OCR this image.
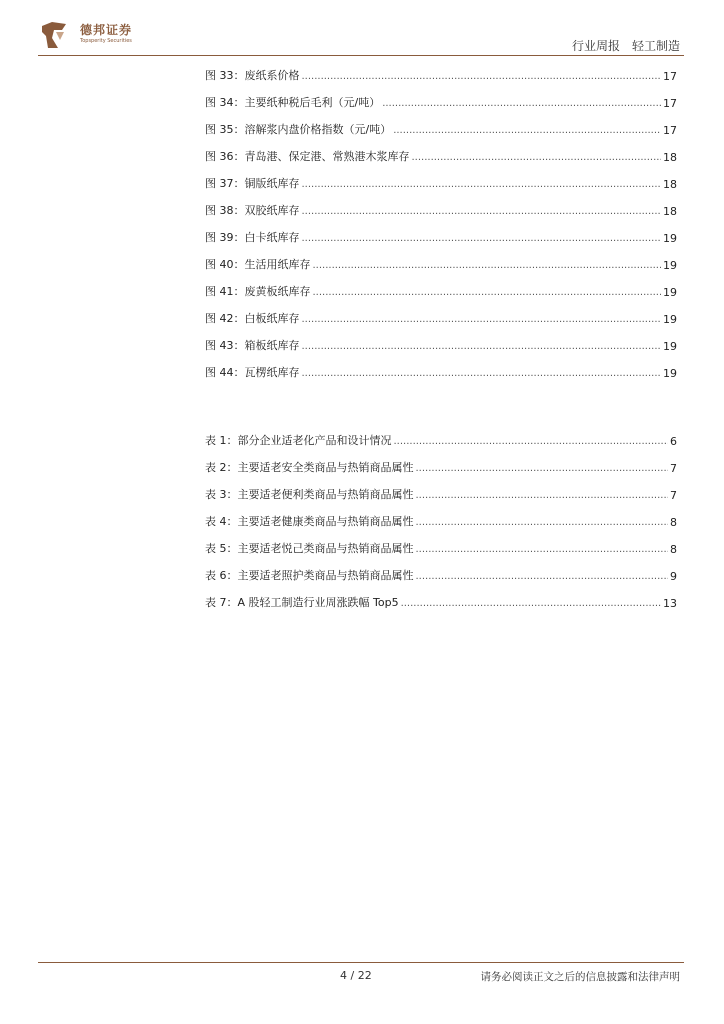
德邦证券
Topsperity Securities	行业周报 轻工制造
图 33：废纸系价格 .....	17
图 34：主要纸种税后毛利（元/吨） .....	17
图 35：溶解浆内盘价格指数（元/吨） .....	17
图 36：青岛港、保定港、常熟港木浆库存 .....	18
图 37：铜版纸库存 .....	18
图 38：双胶纸库存 .....	18
图 39：白卡纸库存 .....	19
图 40：生活用纸库存 .....	19
图 41：废黄板纸库存 .....	19
图 42：白板纸库存 .....	19
图 43：箱板纸库存 .....	19
图 44：瓦楞纸库存 .....	19
表 1：部分企业适老化产品和设计情况 .....	6
表 2：主要适老安全类商品与热销商品属性 .....	7
表 3：主要适老便利类商品与热销商品属性 .....	7
表 4：主要适老健康类商品与热销商品属性 .....	8
表 5：主要适老悦己类商品与热销商品属性 .....	8
表 6：主要适老照护类商品与热销商品属性 .....	9
表 7：A 股轻工制造行业周涨跌幅 Top5 .....	13
4 / 22	请务必阅读正文之后的信息披露和法律声明
